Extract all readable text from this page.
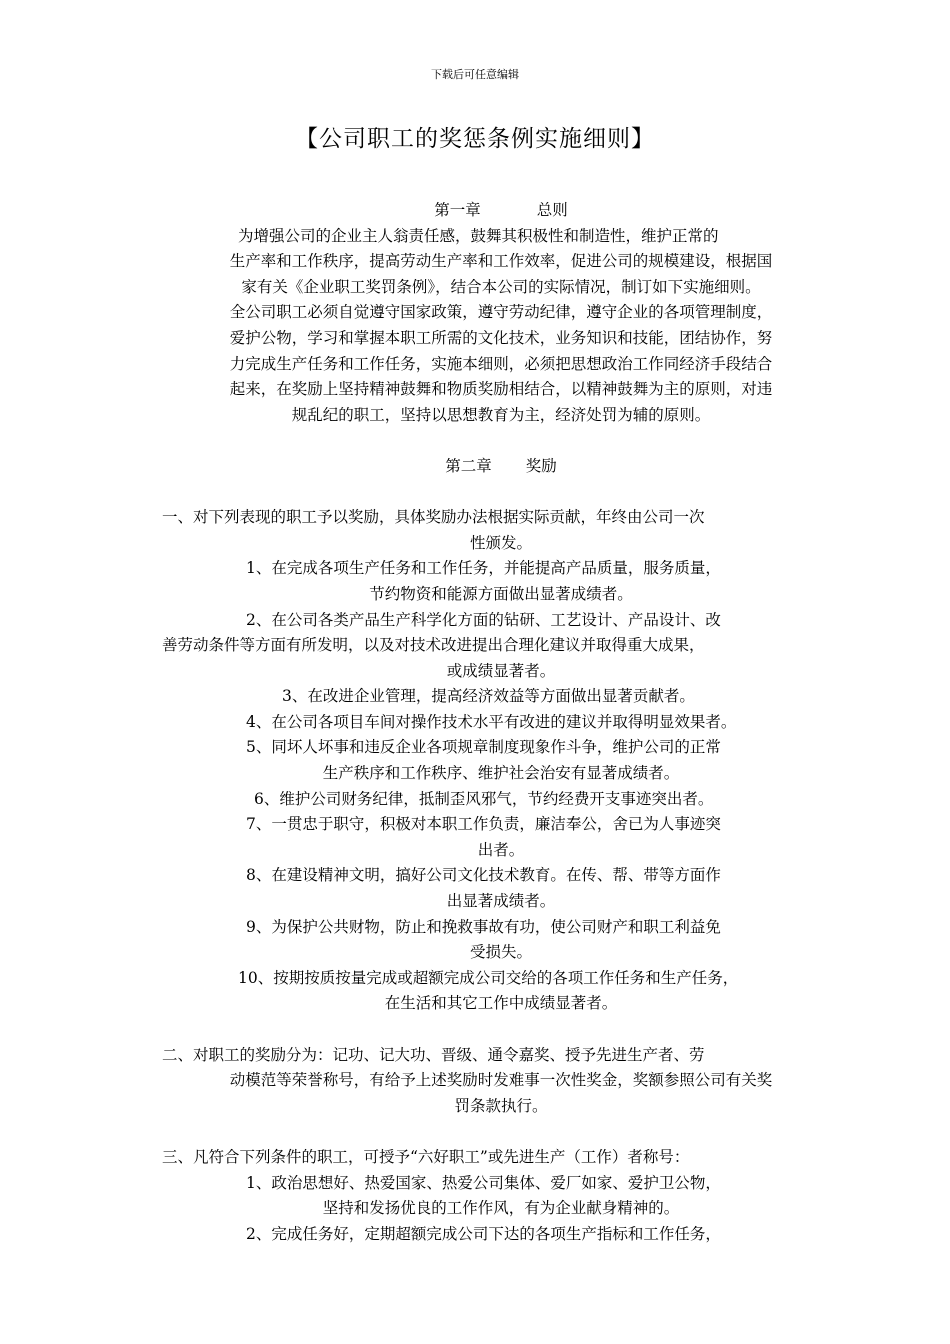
下载后可任意编辑
【公司职工的奖惩条例实施细则】
第一章	总则
为增强公司的企业主人翁责任感，鼓舞其积极性和制造性，维护正常的
生产率和工作秩序，提高劳动生产率和工作效率，促进公司的规模建设，根据国
家有关《企业职工奖罚条例》，结合本公司的实际情况，制订如下实施细则。
全公司职工必须自觉遵守国家政策，遵守劳动纪律，遵守企业的各项管理制度，
爱护公物，学习和掌握本职工所需的文化技术，业务知识和技能，团结协作，努
力完成生产任务和工作任务，实施本细则，必须把思想政治工作同经济手段结合
起来，在奖励上坚持精神鼓舞和物质奖励相结合，以精神鼓舞为主的原则，对违
规乱纪的职工，坚持以思想教育为主，经济处罚为辅的原则。
第二章 奖励
一、对下列表现的职工予以奖励，具体奖励办法根据实际贡献，年终由公司一次
性颁发。
1、在完成各项生产任务和工作任务，并能提高产品质量，服务质量，
节约物资和能源方面做出显著成绩者。
2、在公司各类产品生产科学化方面的钻研、工艺设计、产品设计、改
善劳动条件等方面有所发明，以及对技术改进提出合理化建议并取得重大成果，
或成绩显著者。
3、在改进企业管理，提高经济效益等方面做出显著贡献者。
4、在公司各项目车间对操作技术水平有改进的建议并取得明显效果者。
5、同坏人坏事和违反企业各项规章制度现象作斗争，维护公司的正常
生产秩序和工作秩序、维护社会治安有显著成绩者。
6、维护公司财务纪律，抵制歪风邪气，节约经费开支事迹突出者。
7、一贯忠于职守，积极对本职工作负责，廉洁奉公，舍已为人事迹突
出者。
8、在建设精神文明，搞好公司文化技术教育。在传、帮、带等方面作
出显著成绩者。
9、为保护公共财物，防止和挽救事故有功，使公司财产和职工利益免
受损失。
10、按期按质按量完成或超额完成公司交给的各项工作任务和生产任务，
在生活和其它工作中成绩显著者。
二、对职工的奖励分为：记功、记大功、晋级、通令嘉奖、授予先进生产者、劳
动模范等荣誉称号，有给予上述奖励时发难事一次性奖金，奖额参照公司有关奖
罚条款执行。
三、凡符合下列条件的职工，可授予“六好职工”或先进生产（工作）者称号：
1、政治思想好、热爱国家、热爱公司集体、爱厂如家、爱护卫公物，
坚持和发扬优良的工作作风，有为企业献身精神的。
2、完成任务好，定期超额完成公司下达的各项生产指标和工作任务，
